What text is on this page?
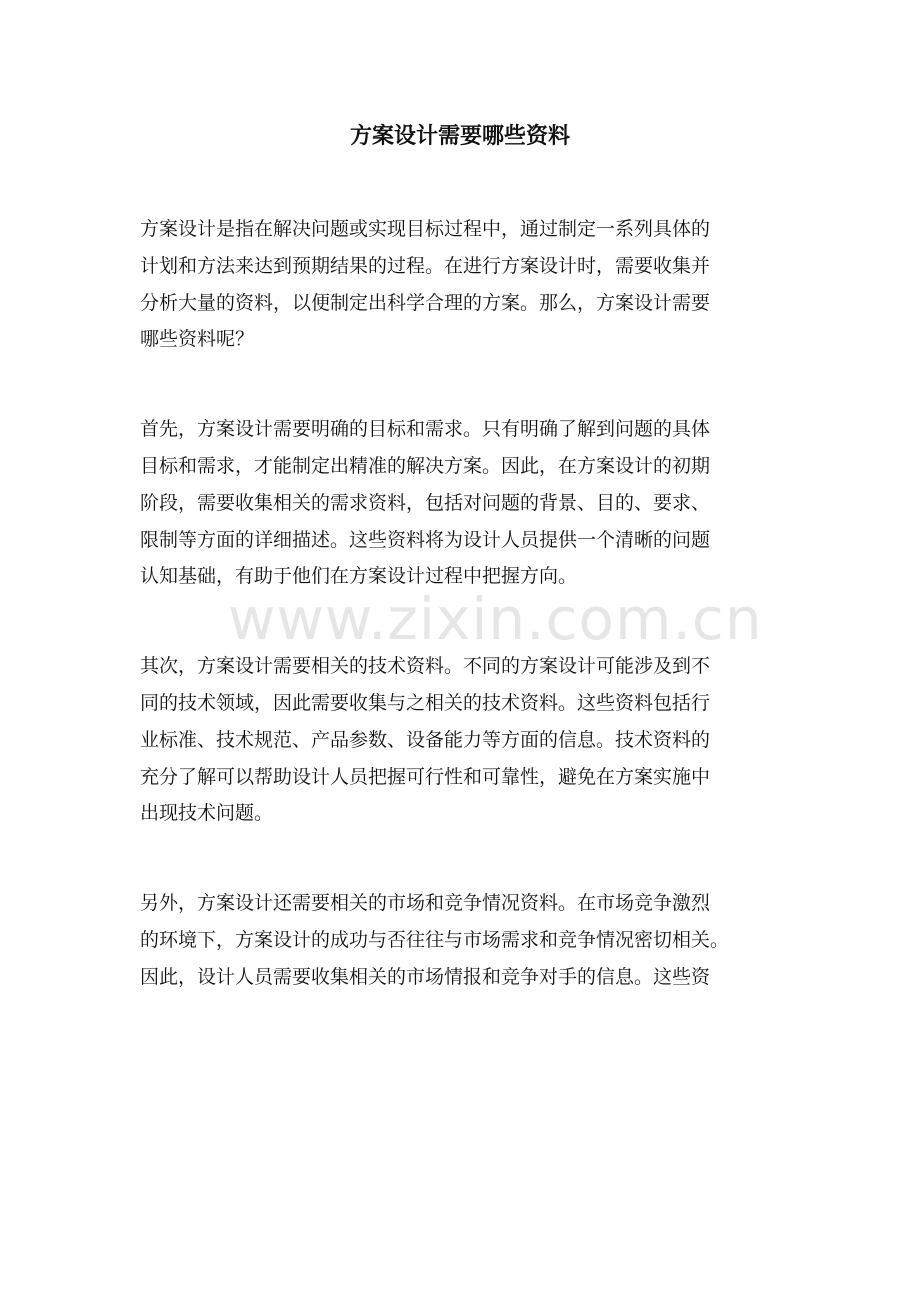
方案设计需要哪些资料
www.zixin.com.cn

方案设计是指在解决问题或实现目标过程中，通过制定一系列具体的
计划和方法来达到预期结果的过程。在进行方案设计时，需要收集并
分析大量的资料，以便制定出科学合理的方案。那么，方案设计需要
哪些资料呢？

首先，方案设计需要明确的目标和需求。只有明确了解到问题的具体
目标和需求，才能制定出精准的解决方案。因此，在方案设计的初期
阶段，需要收集相关的需求资料，包括对问题的背景、目的、要求、
限制等方面的详细描述。这些资料将为设计人员提供一个清晰的问题
认知基础，有助于他们在方案设计过程中把握方向。

其次，方案设计需要相关的技术资料。不同的方案设计可能涉及到不
同的技术领域，因此需要收集与之相关的技术资料。这些资料包括行
业标准、技术规范、产品参数、设备能力等方面的信息。技术资料的
充分了解可以帮助设计人员把握可行性和可靠性，避免在方案实施中
出现技术问题。

另外，方案设计还需要相关的市场和竞争情况资料。在市场竞争激烈
的环境下，方案设计的成功与否往往与市场需求和竞争情况密切相关。
因此，设计人员需要收集相关的市场情报和竞争对手的信息。这些资
